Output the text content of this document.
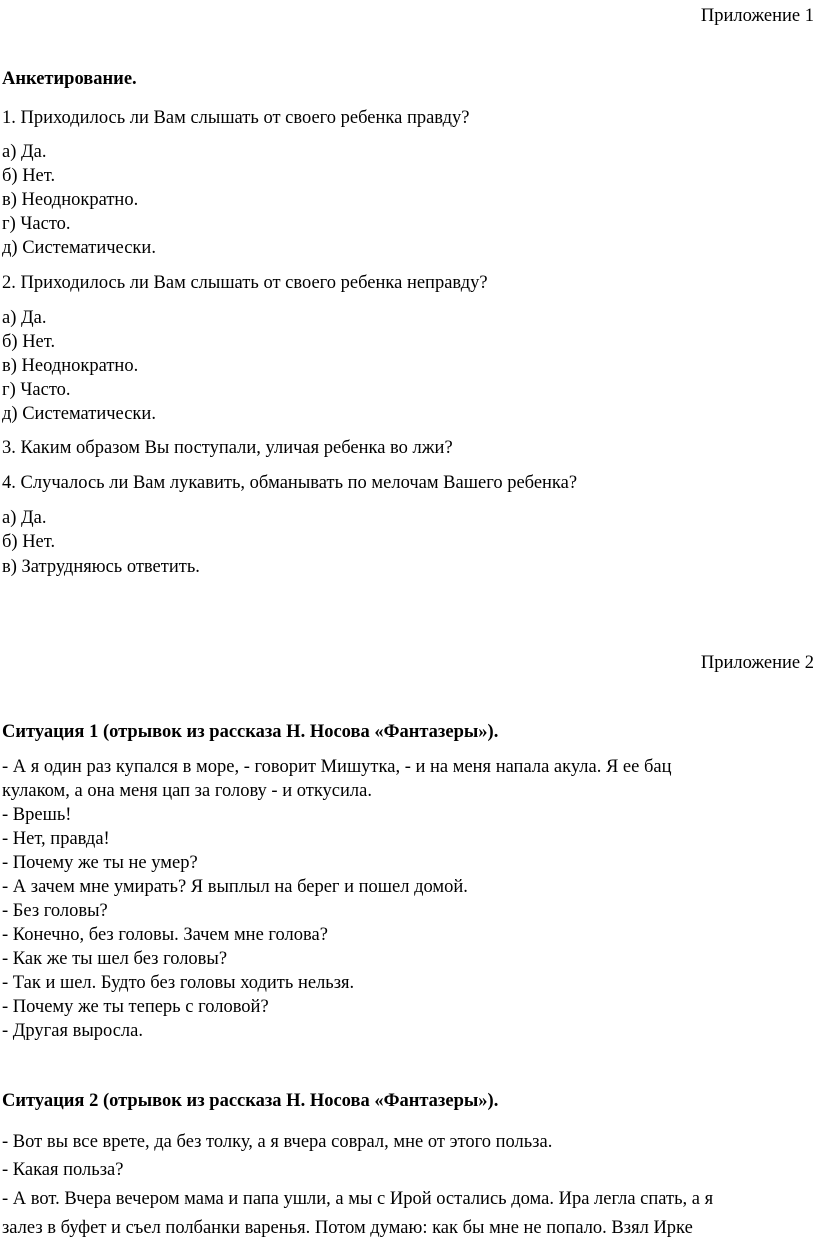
Приложение 1
Анкетирование.
1. Приходилось ли Вам слышать от своего ребенка правду?
а) Да.
б) Нет.
в) Неоднократно.
г) Часто.
д) Систематически.
2. Приходилось ли Вам слышать от своего ребенка неправду?
а) Да.
б) Нет.
в) Неоднократно.
г) Часто.
д) Систематически.
3. Каким образом Вы поступали, уличая ребенка во лжи?
4. Случалось ли Вам лукавить, обманывать по мелочам Вашего ребенка?
а) Да.
б) Нет.
в) Затрудняюсь ответить.
Приложение 2
Ситуация 1 (отрывок из рассказа Н. Носова «Фантазеры»).
- А я один раз купался в море, - говорит Мишутка, - и на меня напала акула. Я ее бац
кулаком, а она меня цап за голову - и откусила.
- Врешь!
- Нет, правда!
- Почему же ты не умер?
- А зачем мне умирать? Я выплыл на берег и пошел домой.
- Без головы?
- Конечно, без головы. Зачем мне голова?
- Как же ты шел без головы?
- Так и шел. Будто без головы ходить нельзя.
- Почему же ты теперь с головой?
- Другая выросла.
Ситуация 2 (отрывок из рассказа Н. Носова «Фантазеры»).
- Вот вы все врете, да без толку, а я вчера соврал, мне от этого польза.
- Какая польза?
- А вот. Вчера вечером мама и папа ушли, а мы с Ирой остались дома. Ира легла спать, а я
залез в буфет и съел полбанки варенья. Потом думаю: как бы мне не попало. Взял Ирке
